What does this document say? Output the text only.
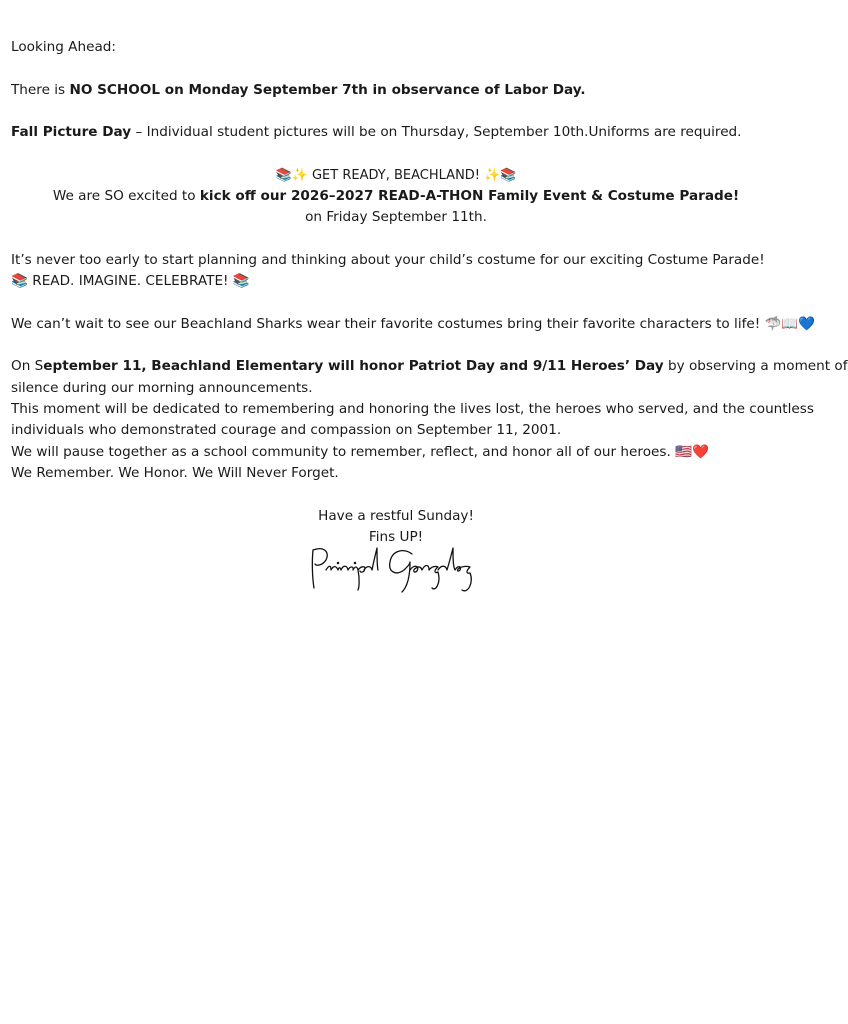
Looking Ahead:

There is NO SCHOOL on Monday September 7th in observance of Labor Day.

Fall Picture Day – Individual student pictures will be on Thursday, September 10th.Uniforms are required.

📚✨ GET READY, BEACHLAND! ✨📚

We are SO excited to kick off our 2026–2027 READ-A-THON Family Event & Costume Parade!

on Friday September 11th.

It’s never too early to start planning and thinking about your child’s costume for our exciting Costume Parade!

📚 READ. IMAGINE. CELEBRATE! 📚

We can’t wait to see our Beachland Sharks wear their favorite costumes bring their favorite characters to life! 🦈📖💙

On September 11, Beachland Elementary will honor Patriot Day and 9/11 Heroes’ Day by observing a moment of

silence during our morning announcements.

This moment will be dedicated to remembering and honoring the lives lost, the heroes who served, and the countless

individuals who demonstrated courage and compassion on September 11, 2001.

We will pause together as a school community to remember, reflect, and honor all of our heroes. 🇺🇸❤️

We Remember. We Honor. We Will Never Forget.

Have a restful Sunday!

Fins UP!
